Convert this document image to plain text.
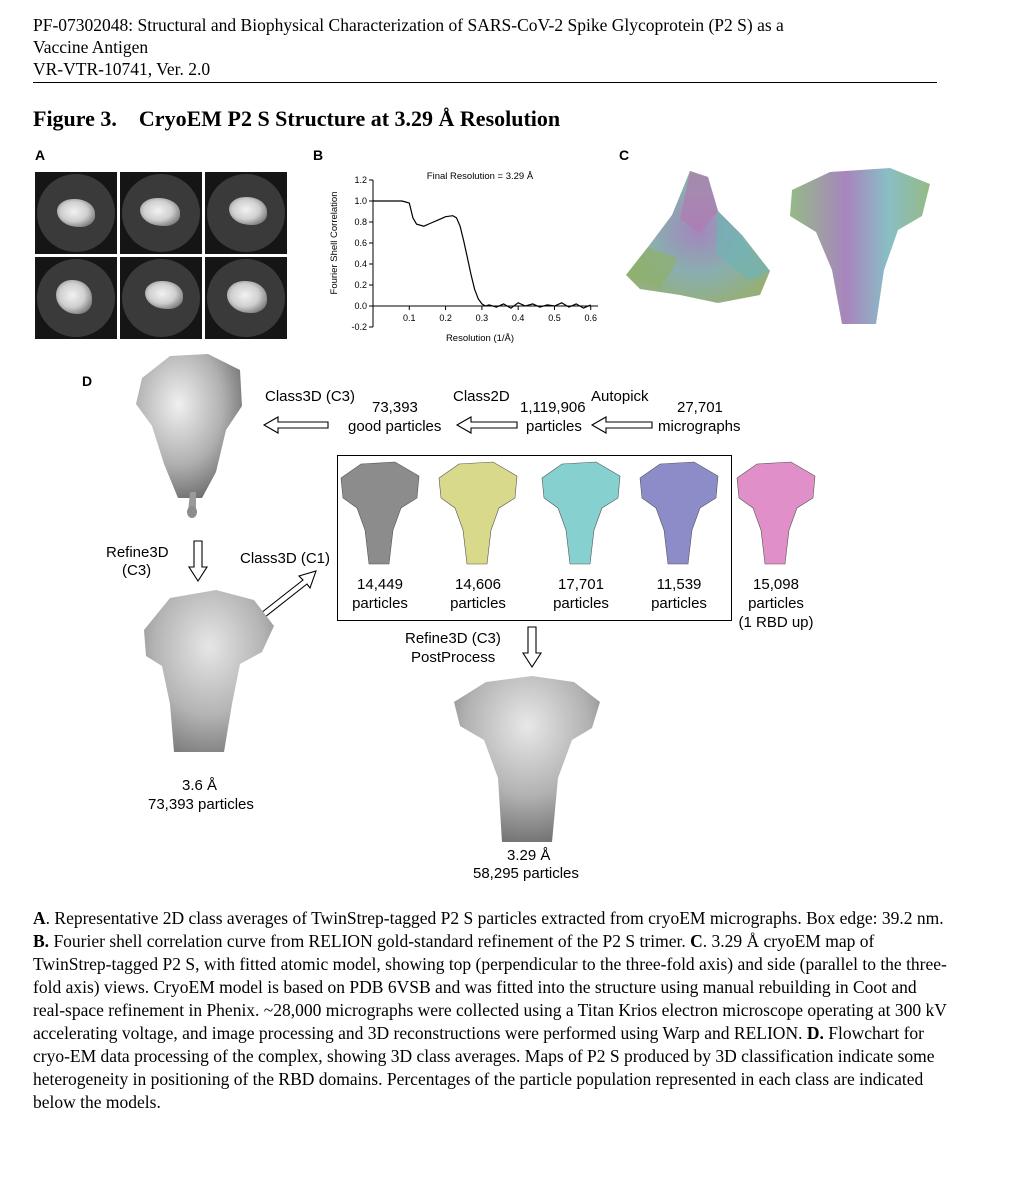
PF-07302048: Structural and Biophysical Characterization of SARS-CoV-2 Spike Glycoprotein (P2 S) as a
Vaccine Antigen
VR-VTR-10741, Ver. 2.0
Figure 3. CryoEM P2 S Structure at 3.29 Å Resolution
A	B	C
D
1.2
1.0
0.8
0.6
0.4
0.2
0.0
-0.2
0.1	0.2	0.3	0.4	0.5	0.6
Final Resolution = 3.29 Å
Fourier Shell Correlation
Resolution (1/Å)
Class3D (C3)
73,393
good particles
Class2D
1,119,906
particles
Autopick
27,701
micrographs
Refine3D
(C3)
Class3D (C1)
3.6 Å
73,393 particles
14,449
particles
14,606
particles
17,701
particles
11,539
particles
15,098
particles
(1 RBD up)
Refine3D (C3)
PostProcess
3.29 Å
58,295 particles
A. Representative 2D class averages of TwinStrep-tagged P2 S particles extracted from cryoEM micrographs. Box edge: 39.2 nm. B. Fourier shell correlation curve from RELION gold-standard refinement of the P2 S trimer. C. 3.29 Å cryoEM map of TwinStrep-tagged P2 S, with fitted atomic model, showing top (perpendicular to the three-fold axis) and side (parallel to the three-fold axis) views. CryoEM model is based on PDB 6VSB and was fitted into the structure using manual rebuilding in Coot and real-space refinement in Phenix. ~28,000 micrographs were collected using a Titan Krios electron microscope operating at 300 kV accelerating voltage, and image processing and 3D reconstructions were performed using Warp and RELION. D. Flowchart for cryo-EM data processing of the complex, showing 3D class averages. Maps of P2 S produced by 3D classification indicate some heterogeneity in positioning of the RBD domains. Percentages of the particle population represented in each class are indicated below the models.
